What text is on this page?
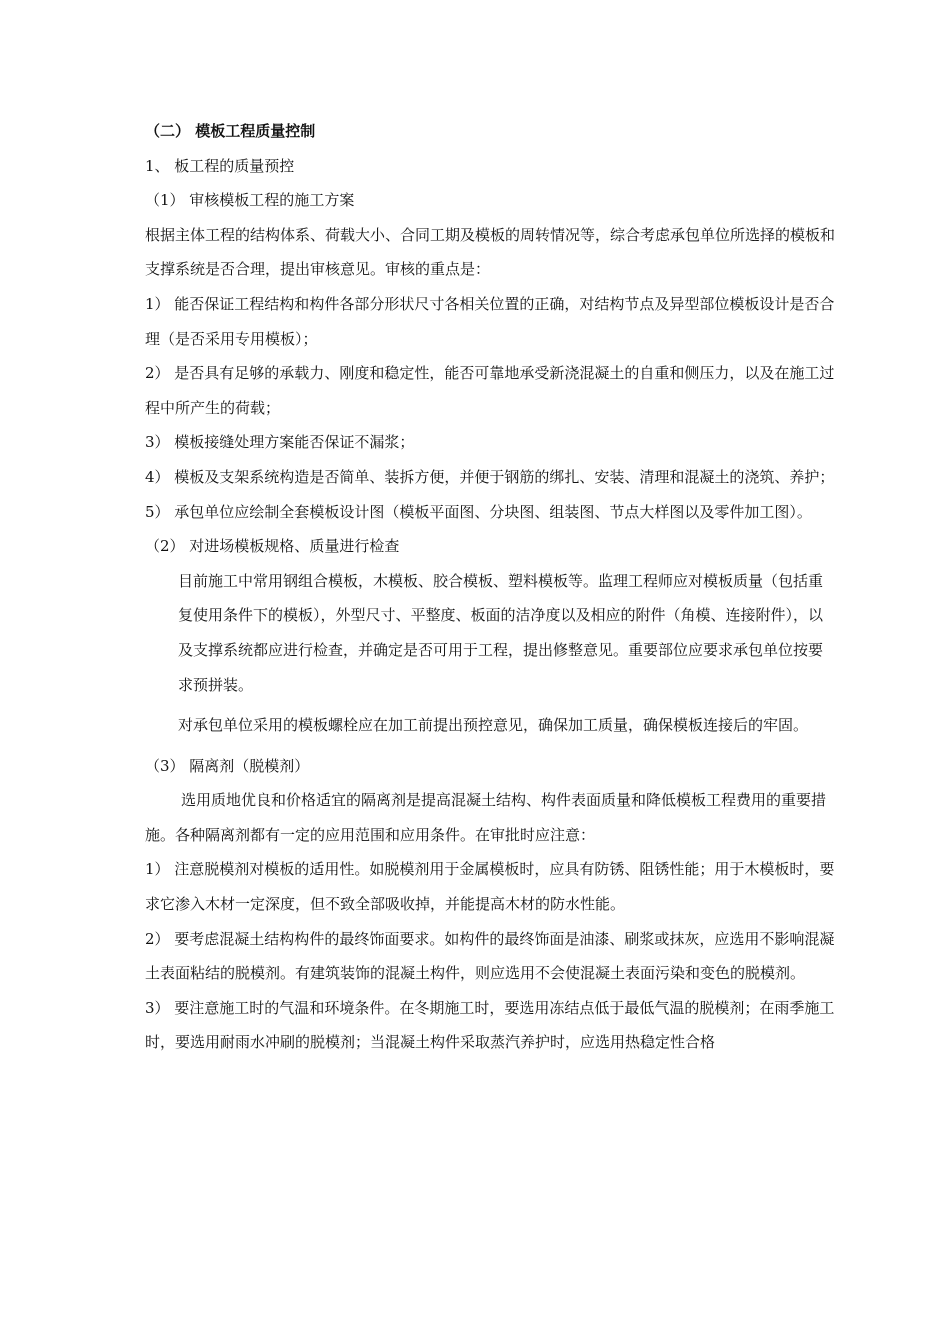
（二） 模板工程质量控制

1、 板工程的质量预控

（1） 审核模板工程的施工方案

根据主体工程的结构体系、荷载大小、合同工期及模板的周转情况等，综合考虑承包单位所选择的模板和支撑系统是否合理，提出审核意见。审核的重点是：

1） 能否保证工程结构和构件各部分形状尺寸各相关位置的正确，对结构节点及异型部位模板设计是否合理（是否采用专用模板）；

2） 是否具有足够的承载力、刚度和稳定性，能否可靠地承受新浇混凝土的自重和侧压力，以及在施工过程中所产生的荷载；

3） 模板接缝处理方案能否保证不漏浆；

4） 模板及支架系统构造是否简单、装拆方便，并便于钢筋的绑扎、安装、清理和混凝土的浇筑、养护；

5） 承包单位应绘制全套模板设计图（模板平面图、分块图、组装图、节点大样图以及零件加工图）。

（2） 对进场模板规格、质量进行检查

目前施工中常用钢组合模板，木模板、胶合模板、塑料模板等。监理工程师应对模板质量（包括重复使用条件下的模板），外型尺寸、平整度、板面的洁净度以及相应的附件（角模、连接附件），以及支撑系统都应进行检查，并确定是否可用于工程，提出修整意见。重要部位应要求承包单位按要求预拼装。

对承包单位采用的模板螺栓应在加工前提出预控意见，确保加工质量，确保模板连接后的牢固。

（3） 隔离剂（脱模剂）

选用质地优良和价格适宜的隔离剂是提高混凝土结构、构件表面质量和降低模板工程费用的重要措施。各种隔离剂都有一定的应用范围和应用条件。在审批时应注意：

1） 注意脱模剂对模板的适用性。如脱模剂用于金属模板时，应具有防锈、阻锈性能；用于木模板时，要求它渗入木材一定深度，但不致全部吸收掉，并能提高木材的防水性能。

2） 要考虑混凝土结构构件的最终饰面要求。如构件的最终饰面是油漆、刷浆或抹灰，应选用不影响混凝土表面粘结的脱模剂。有建筑装饰的混凝土构件，则应选用不会使混凝土表面污染和变色的脱模剂。

3） 要注意施工时的气温和环境条件。在冬期施工时，要选用冻结点低于最低气温的脱模剂；在雨季施工时，要选用耐雨水冲刷的脱模剂；当混凝土构件采取蒸汽养护时，应选用热稳定性合格
